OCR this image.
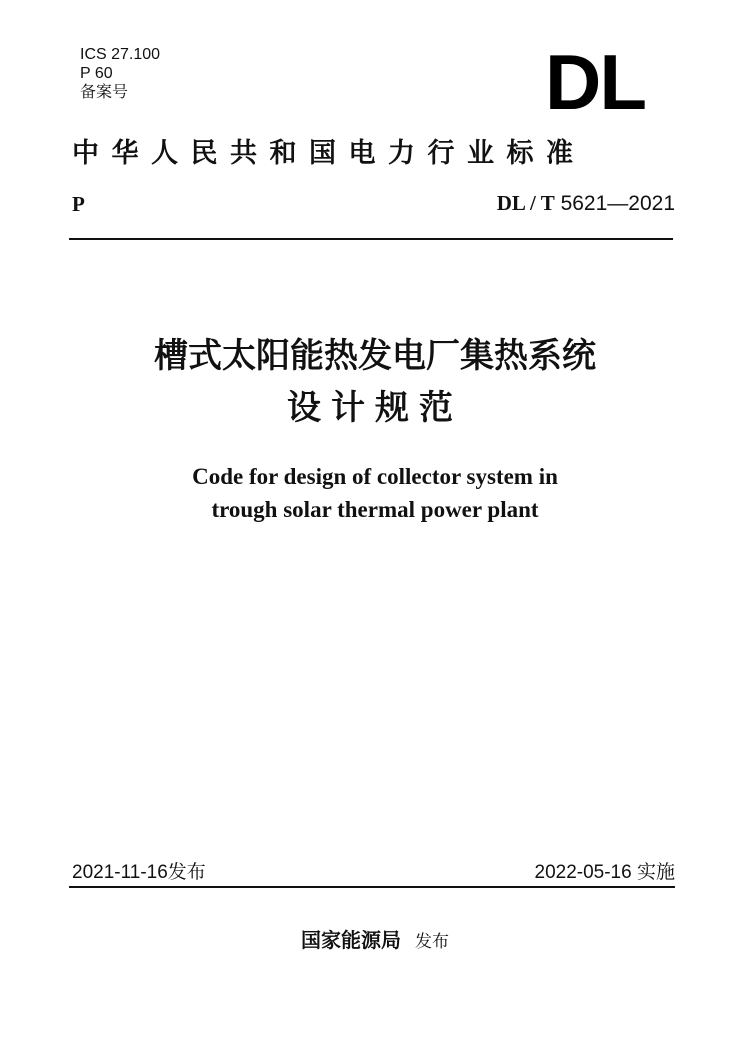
ICS 27.100
P 60
备案号	DL
中华人民共和国电力行业标准
P	DL / T 5621—2021
槽式太阳能热发电厂集热系统
设计规范
Code for design of collector system in
trough solar thermal power plant
2021-11-16发布	2022-05-16 实施
国家能源局 发布
